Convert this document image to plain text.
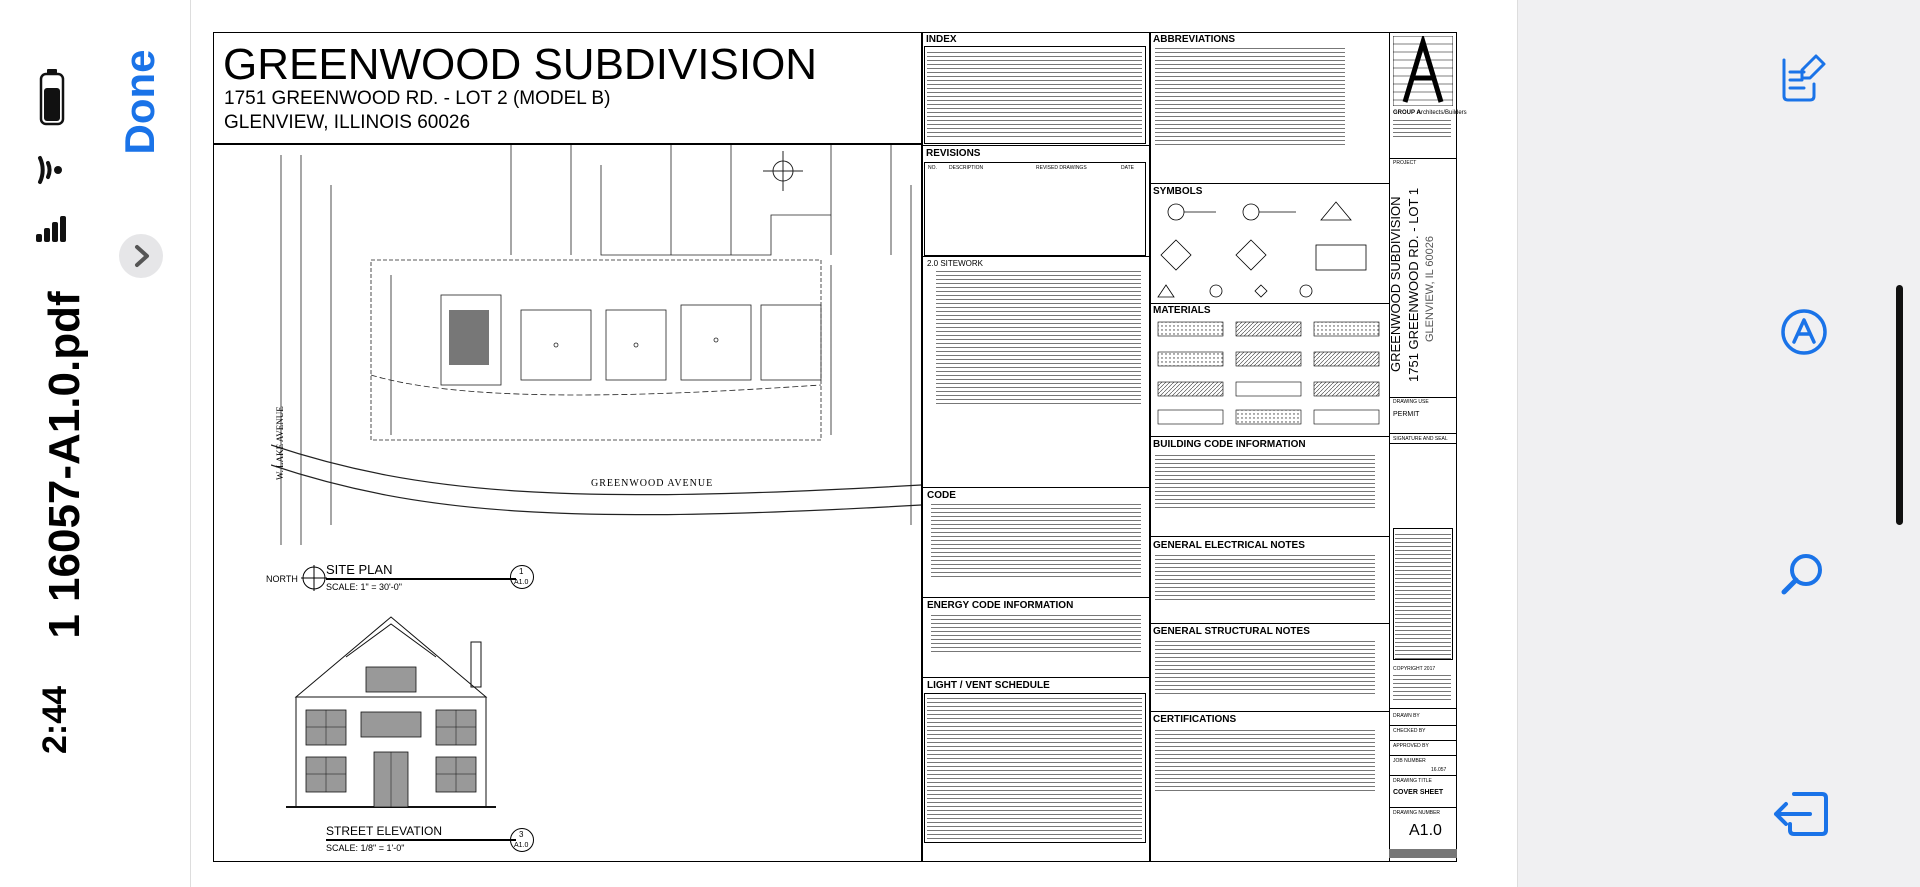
Done
1 16057-A1.0.pdf
2:44
GREENWOOD SUBDIVISION
1751 GREENWOOD RD. - LOT 2 (MODEL B)
GLENVIEW, ILLINOIS 60026
GREENWOOD AVENUE
W. LAKE AVENUE
NORTH
SITE PLAN
SCALE: 1" = 30'-0"
1
A1.0
STREET ELEVATION
SCALE: 1/8" = 1'-0"
3
A1.0
INDEX
REVISIONS
NO. DESCRIPTION	REVISED DRAWINGS	DATE
2.0 SITEWORK
CODE
ENERGY CODE INFORMATION
LIGHT / VENT SCHEDULE
ABBREVIATIONS
SYMBOLS
MATERIALS
BUILDING CODE INFORMATION
GENERAL ELECTRICAL NOTES
GENERAL STRUCTURAL NOTES
CERTIFICATIONS
GROUP A
Architects/Builders
PROJECT
GREENWOOD SUBDIVISION 1751 GREENWOOD RD. - LOT 1 GLENVIEW, IL 60026
DRAWING USE
PERMIT
SIGNATURE AND SEAL
COPYRIGHT 2017
DRAWN BY
CHECKED BY
APPROVED BY
JOB NUMBER
16.057
DRAWING TITLE
COVER SHEET
DRAWING NUMBER
A1.0
